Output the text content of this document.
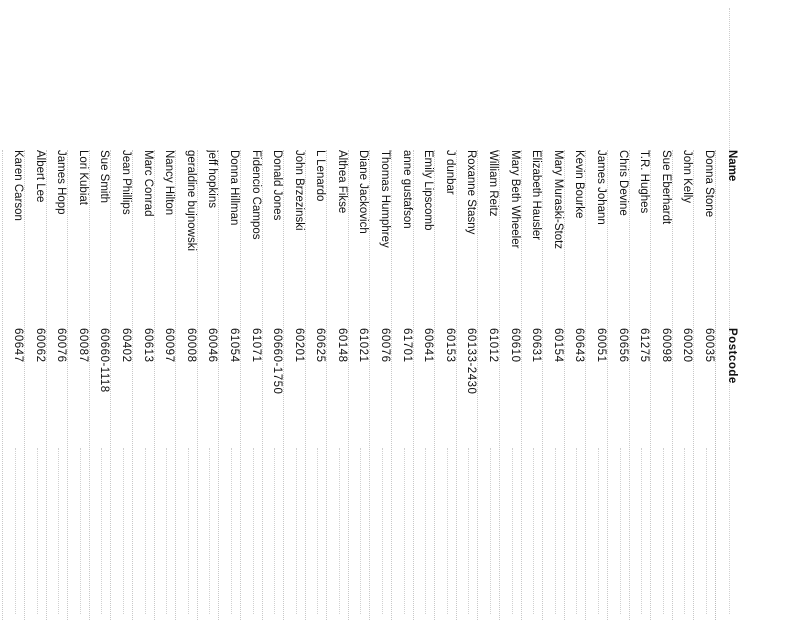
Name
Postcode
Donna Stone
60035
John Kelly
60020
Sue Eberhardt
60098
T.R. Hughes
61275
Chris Devine
60656
James Johann
60051
Kevin Bourke
60643
Mary Muraski-Stotz
60154
Elizabeth Hausler
60631
Mary Beth Wheeler
60610
William Reitz
61012
Roxanne Stasny
60133-2430
J dunbar
60153
Emily Lipscomb
60641
anne gustafson
61701
Thomas Humphrey
60076
Diane Jackovich
61021
Althea Fikse
60148
L Lenardo
60625
John Brzezinski
60201
Donald Jones
60660-1750
Fidencio Campos
61071
Donna Hillman
61054
jeff hopkins
60046
geraldine bujnowski
60008
Nancy Hilton
60097
Marc Conrad
60613
Jean Phillips
60402
Sue Smith
60660-1118
Lori Kubiat
60087
James Hopp
60076
Albert Lee
60062
Karen Carson
60647
